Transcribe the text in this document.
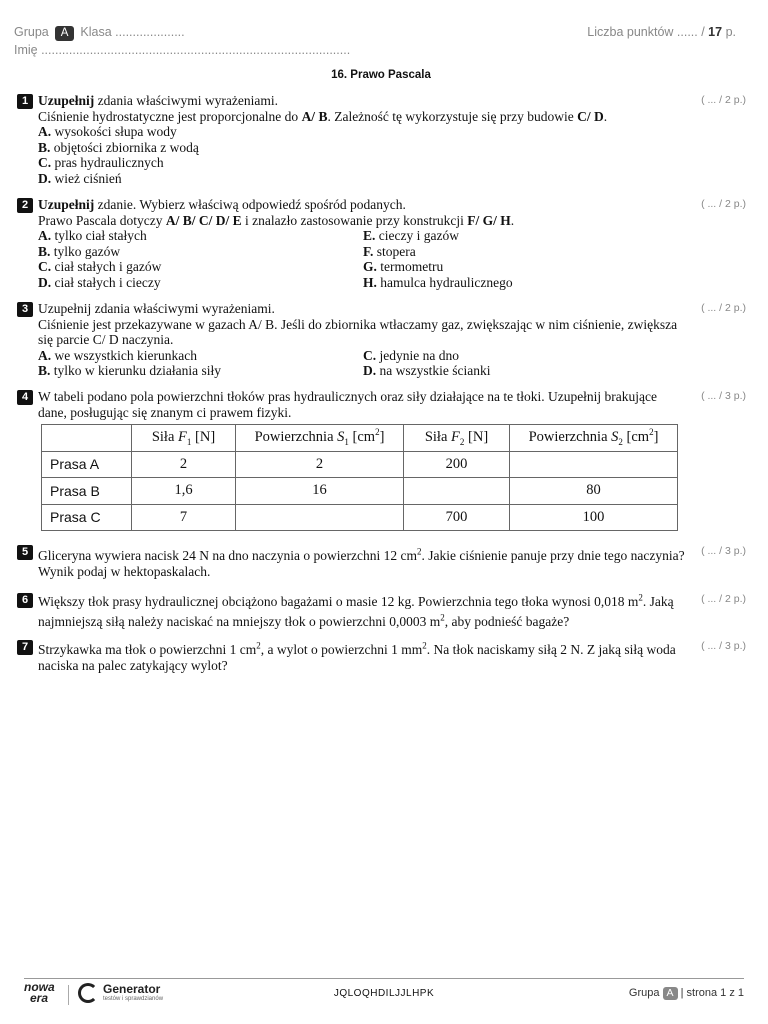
Grupa A Klasa ....................	Liczba punktów ...... / 17 p.
Imię .........................................................................................
16. Prawo Pascala
1	( ... / 2 p.)
Uzupełnij zdania właściwymi wyrażeniami.
Ciśnienie hydrostatyczne jest proporcjonalne do A/ B. Zależność tę wykorzystuje się przy budowie C/ D.
A. wysokości słupa wody
B. objętości zbiornika z wodą
C. pras hydraulicznych
D. wież ciśnień
2	( ... / 2 p.)
Uzupełnij zdanie. Wybierz właściwą odpowiedź spośród podanych.
Prawo Pascala dotyczy A/ B/ C/ D/ E i znalazło zastosowanie przy konstrukcji F/ G/ H.
A. tylko ciał stałych
B. tylko gazów
C. ciał stałych i gazów
D. ciał stałych i cieczy
E. cieczy i gazów
F. stopera
G. termometru
H. hamulca hydraulicznego
3	( ... / 2 p.)
Uzupełnij zdania właściwymi wyrażeniami.
Ciśnienie jest przekazywane w gazach A/ B. Jeśli do zbiornika wtłaczamy gaz, zwiększając w nim ciśnienie, zwiększa się parcie C/ D naczynia.
A. we wszystkich kierunkach
B. tylko w kierunku działania siły
C. jedynie na dno
D. na wszystkie ścianki
4	( ... / 3 p.)
W tabeli podano pola powierzchni tłoków pras hydraulicznych oraz siły działające na te tłoki. Uzupełnij brakujące dane, posługując się znanym ci prawem fizyki.
	Siła $F_1$ [N]	Powierzchnia $S_1$ $[cm^2]$	Siła $F_2$ [N]	Powierzchnia $S_2$ $[cm^2]$
Prasa A	2	2	200	
Prasa B	1,6	16		80
Prasa C	7		700	100
5	( ... / 3 p.)
Gliceryna wywiera nacisk 24 N na dno naczynia o powierzchni 12 $cm^2$. Jakie ciśnienie panuje przy dnie tego naczynia? Wynik podaj w hektopaskalach.
6	( ... / 2 p.)
Większy tłok prasy hydraulicznej obciążono bagażami o masie 12 kg. Powierzchnia tego tłoka wynosi 0,018 $m^2$. Jaką najmniejszą siłą należy naciskać na mniejszy tłok o powierzchni 0,0003 $m^2$, aby podnieść bagaże?
7	( ... / 3 p.)
Strzykawka ma tłok o powierzchni 1 $cm^2$, a wylot o powierzchni 1 $mm^2$. Na tłok naciskamy siłą 2 N. Z jaką siłą woda naciska na palec zatykający wylot?
nowa
era
Generator
testów i sprawdzianów	JQLOQHDILJJLHPK	Grupa A | strona 1 z 1
